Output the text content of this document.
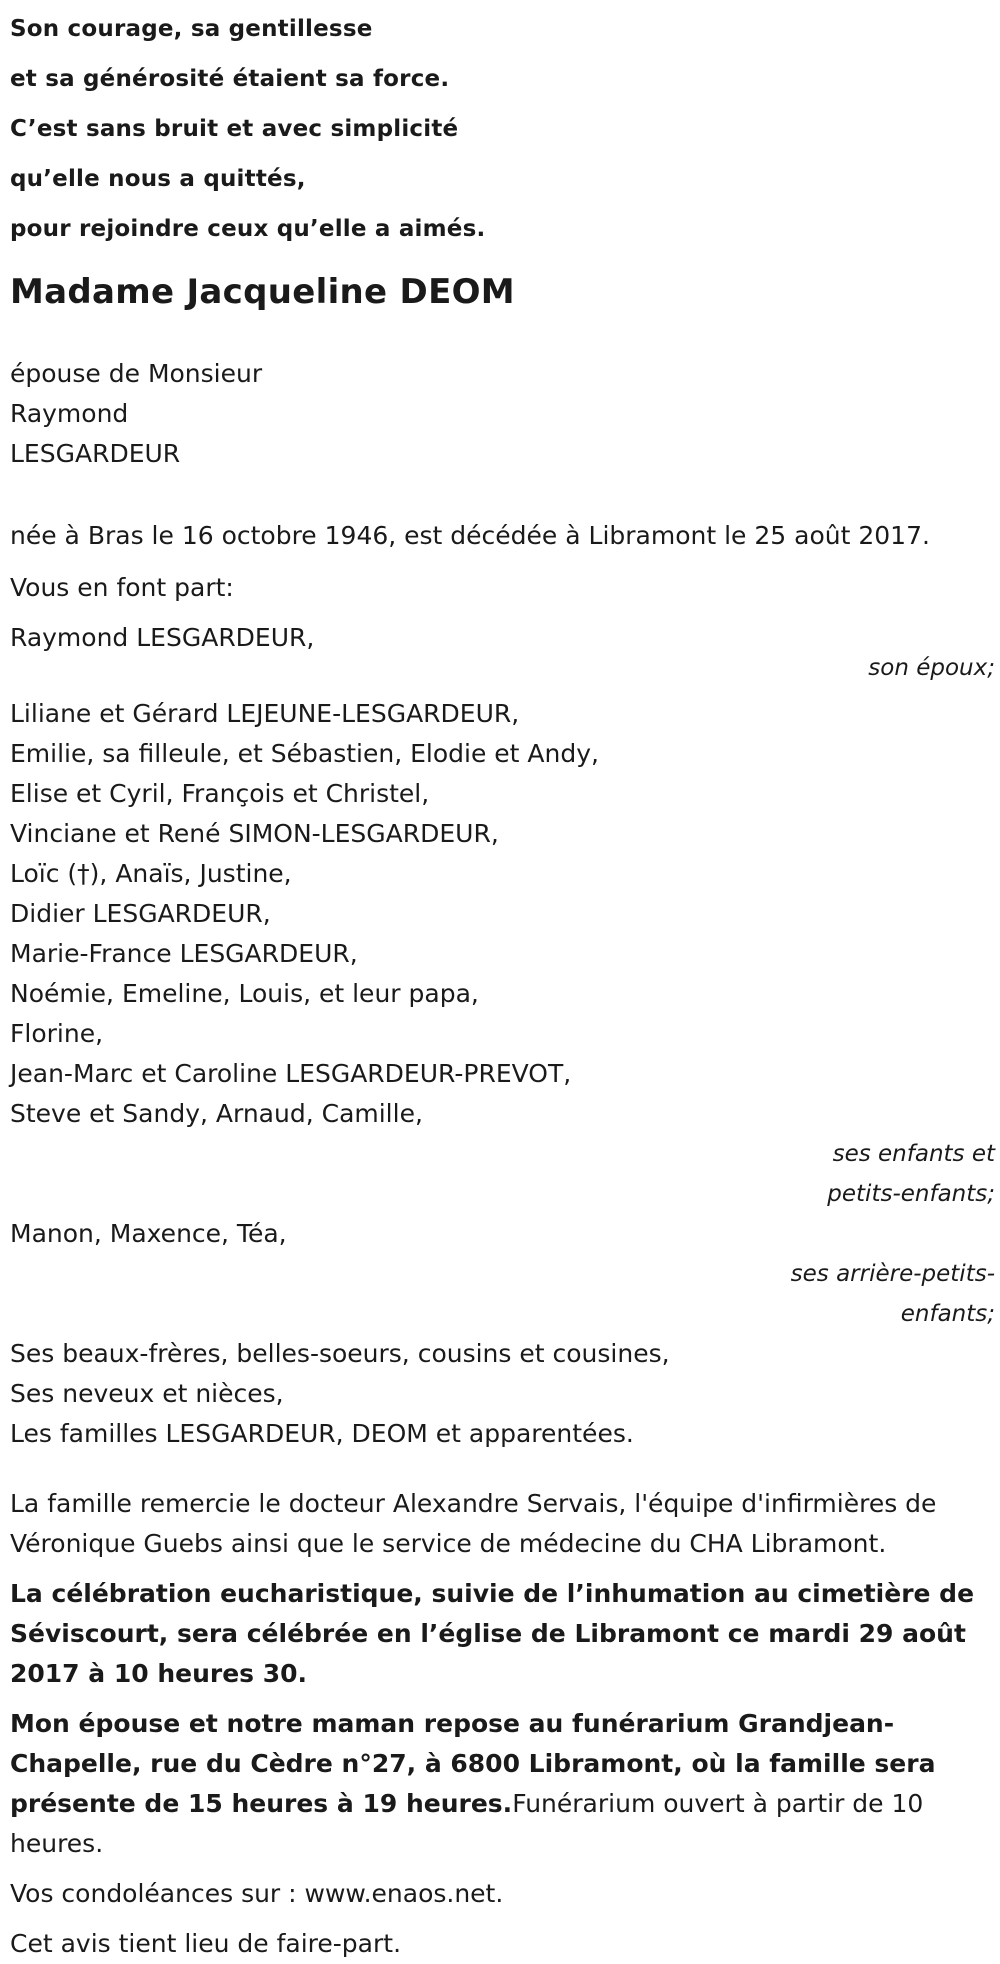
Son courage, sa gentillesse

et sa générosité étaient sa force.

C’est sans bruit et avec simplicité

qu’elle nous a quittés,

pour rejoindre ceux qu’elle a aimés.

Madame Jacqueline DEOM
épouse de Monsieur
Raymond
LESGARDEUR
née à Bras le 16 octobre 1946, est décédée à Libramont le 25 août 2017.
Vous en font part:
Raymond LESGARDEUR,
son époux;
Liliane et Gérard LEJEUNE-LESGARDEUR,
Emilie, sa filleule, et Sébastien, Elodie et Andy,
Elise et Cyril, François et Christel,
Vinciane et René SIMON-LESGARDEUR,
Loïc (†), Anaïs, Justine,
Didier LESGARDEUR,
Marie-France LESGARDEUR,
Noémie, Emeline, Louis, et leur papa,
Florine,
Jean-Marc et Caroline LESGARDEUR-PREVOT,
Steve et Sandy, Arnaud, Camille,
ses enfants et
petits-enfants;
Manon, Maxence, Téa,
ses arrière-petits-
enfants;
Ses beaux-frères, belles-soeurs, cousins et cousines,
Ses neveux et nièces,
Les familles LESGARDEUR, DEOM et apparentées.
La famille remercie le docteur Alexandre Servais, l'équipe d'infirmières de Véronique Guebs ainsi que le service de médecine du CHA Libramont.
La célébration eucharistique, suivie de l’inhumation au cimetière de Séviscourt, sera célébrée en l’église de Libramont ce mardi 29 août 2017 à 10 heures 30.
Mon épouse et notre maman repose au funérarium Grandjean-Chapelle, rue du Cèdre n°27, à 6800 Libramont, où la famille sera présente de 15 heures à 19 heures.Funérarium ouvert à partir de 10 heures.
Vos condoléances sur : www.enaos.net.
Cet avis tient lieu de faire-part.
